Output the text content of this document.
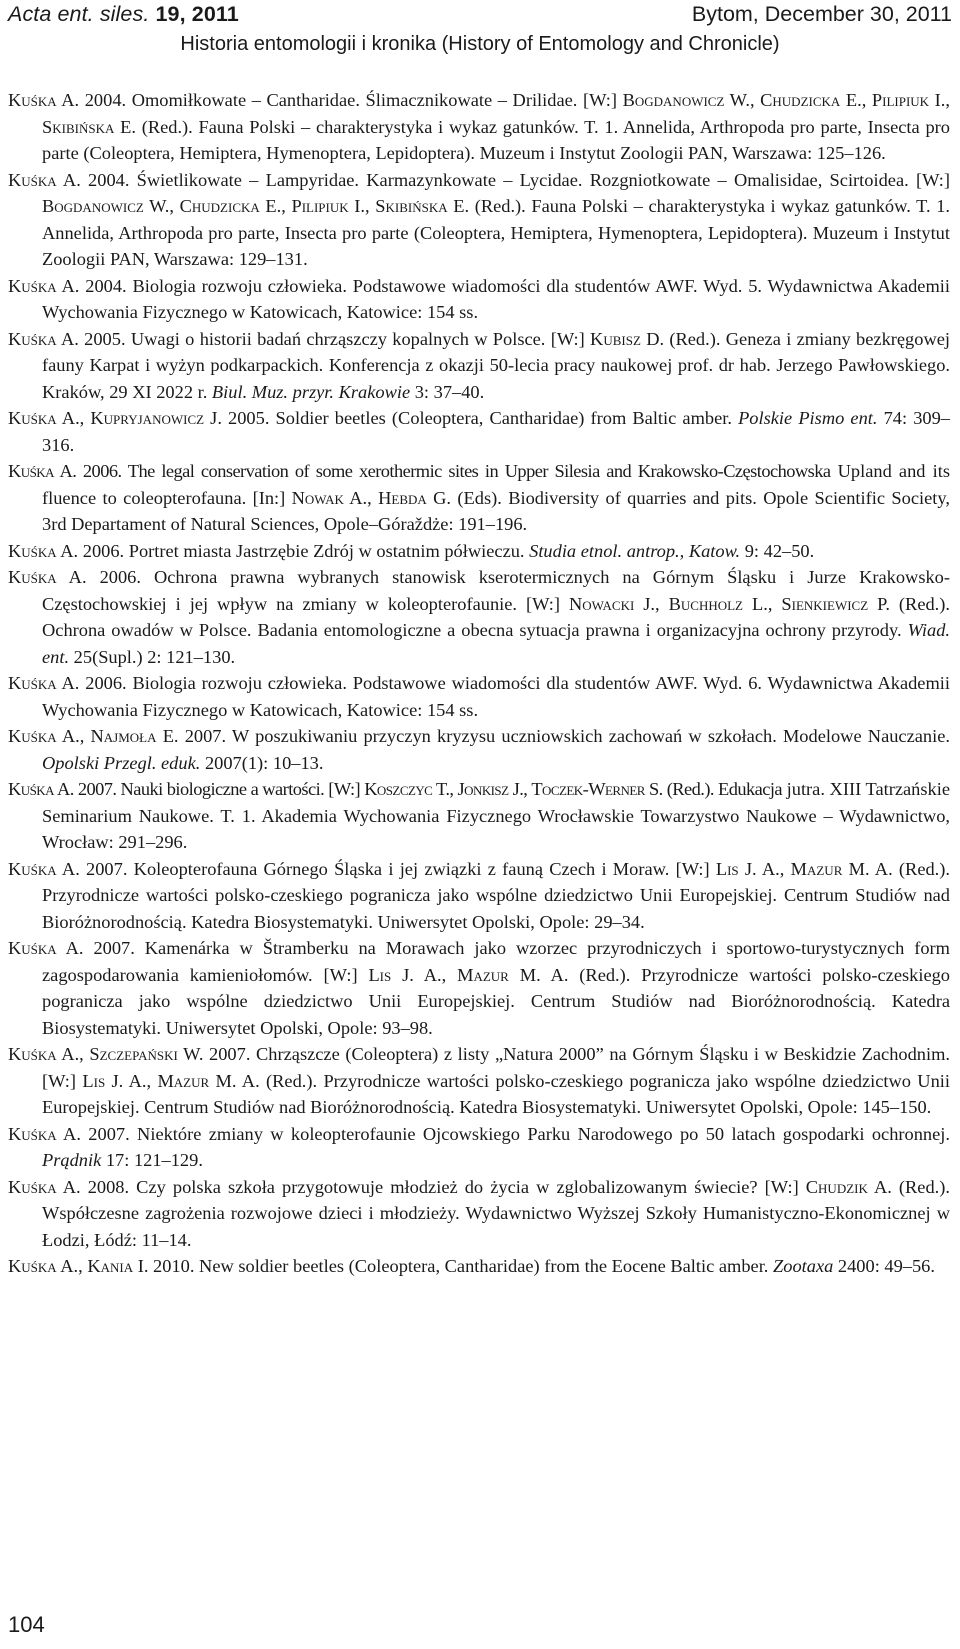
Acta ent. siles. 19, 2011	Bytom, December 30, 2011
Historia entomologii i kronika (History of Entomology and Chronicle)

Kuśka A. 2004. Omomiłkowate – Cantharidae. Ślimacznikowate – Drilidae. [W:] Bogdanowicz W., Chudzicka E., Pilipiuk I., Skibińska E. (Red.). Fauna Polski – charakterystyka i wykaz gatunków. T. 1. Annelida, Arthropoda pro parte, Insecta pro parte (Coleoptera, Hemiptera, Hymenoptera, Lepidoptera). Muzeum i Instytut Zoologii PAN, Warszawa: 125–126.

Kuśka A. 2004. Świetlikowate – Lampyridae. Karmazynkowate – Lycidae. Rozgniotkowate – Omalisidae, Scirtoidea. [W:] Bogdanowicz W., Chudzicka E., Pilipiuk I., Skibińska E. (Red.). Fauna Polski – charakterystyka i wykaz gatunków. T. 1. Annelida, Arthropoda pro parte, Insecta pro parte (Coleoptera, Hemiptera, Hymenoptera, Lepidoptera). Muzeum i Instytut Zoologii PAN, Warszawa: 129–131.

Kuśka A. 2004. Biologia rozwoju człowieka. Podstawowe wiadomości dla studentów AWF. Wyd. 5. Wydawnictwa Akademii Wychowania Fizycznego w Katowicach, Katowice: 154 ss.

Kuśka A. 2005. Uwagi o historii badań chrząszczy kopalnych w Polsce. [W:] Kubisz D. (Red.). Geneza i zmiany bezkręgowej fauny Karpat i wyżyn podkarpackich. Konferencja z okazji 50-lecia pracy naukowej prof. dr hab. Jerzego Pawłowskiego. Kraków, 29 XI 2022 r. Biul. Muz. przyr. Krakowie 3: 37–40.

Kuśka A., Kupryjanowicz J. 2005. Soldier beetles (Coleoptera, Cantharidae) from Baltic amber. Polskie Pismo ent. 74: 309–316.

Kuśka A. 2006. The legal conservation of some xerothermic sites in Upper Silesia and Krakowsko-Częstochowska Upland and its fluence to coleopterofauna. [In:] Nowak A., Hebda G. (Eds). Biodiversity of quarries and pits. Opole Scientific Society, 3rd Departament of Natural Sciences, Opole–Góraždże: 191–196.

Kuśka A. 2006. Portret miasta Jastrzębie Zdrój w ostatnim półwieczu. Studia etnol. antrop., Katow. 9: 42–50.

Kuśka A. 2006. Ochrona prawna wybranych stanowisk kserotermicznych na Górnym Śląsku i Jurze Krakowsko-Częstochowskiej i jej wpływ na zmiany w koleopterofaunie. [W:] Nowacki J., Buchholz L., Sienkiewicz P. (Red.). Ochrona owadów w Polsce. Badania entomologiczne a obecna sytuacja prawna i organizacyjna ochrony przyrody. Wiad. ent. 25(Supl.) 2: 121–130.

Kuśka A. 2006. Biologia rozwoju człowieka. Podstawowe wiadomości dla studentów AWF. Wyd. 6. Wydawnictwa Akademii Wychowania Fizycznego w Katowicach, Katowice: 154 ss.

Kuśka A., Najmoła E. 2007. W poszukiwaniu przyczyn kryzysu uczniowskich zachowań w szkołach. Modelowe Nauczanie. Opolski Przegl. eduk. 2007(1): 10–13.

Kuśka A. 2007. Nauki biologiczne a wartości. [W:] Koszczyc T., Jonkisz J., Toczek-Werner S. (Red.). Edukacja jutra. XIII Tatrzańskie Seminarium Naukowe. T. 1. Akademia Wychowania Fizycznego Wrocławskie Towarzystwo Naukowe – Wydawnictwo, Wrocław: 291–296.

Kuśka A. 2007. Koleopterofauna Górnego Śląska i jej związki z fauną Czech i Moraw. [W:] Lis J. A., Mazur M. A. (Red.). Przyrodnicze wartości polsko-czeskiego pogranicza jako wspólne dziedzictwo Unii Europejskiej. Centrum Studiów nad Bioróżnorodnością. Katedra Biosystematyki. Uniwersytet Opolski, Opole: 29–34.

Kuśka A. 2007. Kamenárka w Štramberku na Morawach jako wzorzec przyrodniczych i sportowo-turystycznych form zagospodarowania kamieniołomów. [W:] Lis J. A., Mazur M. A. (Red.). Przyrodnicze wartości polsko-czeskiego pogranicza jako wspólne dziedzictwo Unii Europejskiej. Centrum Studiów nad Bioróżnorodnością. Katedra Biosystematyki. Uniwersytet Opolski, Opole: 93–98.

Kuśka A., Szczepański W. 2007. Chrząszcze (Coleoptera) z listy „Natura 2000” na Górnym Śląsku i w Beskidzie Zachodnim. [W:] Lis J. A., Mazur M. A. (Red.). Przyrodnicze wartości polsko-czeskiego pogranicza jako wspólne dziedzictwo Unii Europejskiej. Centrum Studiów nad Bioróżnorodnością. Katedra Biosystematyki. Uniwersytet Opolski, Opole: 145–150.

Kuśka A. 2007. Niektóre zmiany w koleopterofaunie Ojcowskiego Parku Narodowego po 50 latach gospodarki ochronnej. Prądnik 17: 121–129.

Kuśka A. 2008. Czy polska szkoła przygotowuje młodzież do życia w zglobalizowanym świecie? [W:] Chudzik A. (Red.). Współczesne zagrożenia rozwojowe dzieci i młodzieży. Wydawnictwo Wyższej Szkoły Humanistyczno-Ekonomicznej w Łodzi, Łódź: 11–14.

Kuśka A., Kania I. 2010. New soldier beetles (Coleoptera, Cantharidae) from the Eocene Baltic amber. Zootaxa 2400: 49–56.

104
